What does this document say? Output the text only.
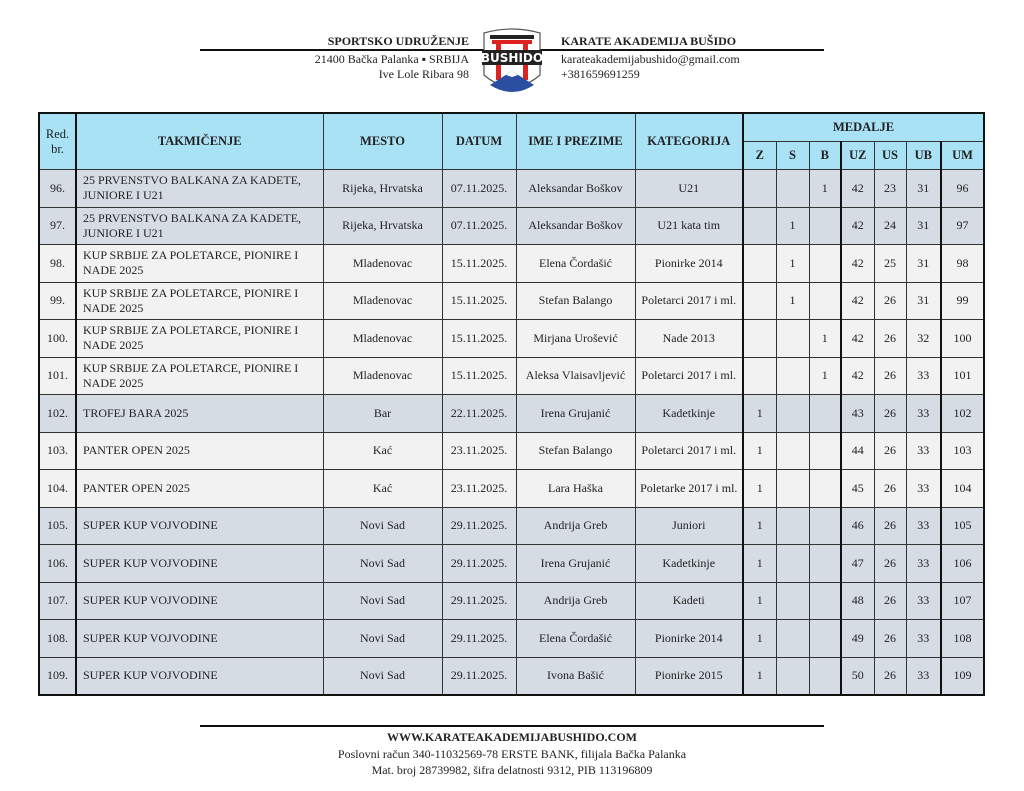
SPORTSKO UDRUŽENJE
21400 Bačka Palanka ▪ SRBIJA
Ive Lole Ribara 98
KARATE AKADEMIJA BUŠIDO
karateakademijabushido@gmail.com
+381659691259
BUSHIDO
Red. br.	TAKMIČENJE	MESTO	DATUM	IME I PREZIME	KATEGORIJA	MEDALJE						
						Z	S	B	UZ	US	UB	UM
96.	25 PRVENSTVO BALKANA ZA KADETE, JUNIORE I U21	Rijeka, Hrvatska	07.11.2025.	Aleksandar Boškov	U21			1	42	23	31	96
97.	25 PRVENSTVO BALKANA ZA KADETE, JUNIORE I U21	Rijeka, Hrvatska	07.11.2025.	Aleksandar Boškov	U21 kata tim		1		42	24	31	97
98.	KUP SRBIJE ZA POLETARCE, PIONIRE I NADE 2025	Mladenovac	15.11.2025.	Elena Čordašić	Pionirke 2014		1		42	25	31	98
99.	KUP SRBIJE ZA POLETARCE, PIONIRE I NADE 2025	Mladenovac	15.11.2025.	Stefan Balango	Poletarci 2017 i ml.		1		42	26	31	99
100.	KUP SRBIJE ZA POLETARCE, PIONIRE I NADE 2025	Mladenovac	15.11.2025.	Mirjana Urošević	Nade 2013			1	42	26	32	100
101.	KUP SRBIJE ZA POLETARCE, PIONIRE I NADE 2025	Mladenovac	15.11.2025.	Aleksa Vlaisavljević	Poletarci 2017 i ml.			1	42	26	33	101
102.	TROFEJ BARA 2025	Bar	22.11.2025.	Irena Grujanić	Kadetkinje	1			43	26	33	102
103.	PANTER OPEN 2025	Kać	23.11.2025.	Stefan Balango	Poletarci 2017 i ml.	1			44	26	33	103
104.	PANTER OPEN 2025	Kać	23.11.2025.	Lara Haška	Poletarke 2017 i ml.	1			45	26	33	104
105.	SUPER KUP VOJVODINE	Novi Sad	29.11.2025.	Andrija Greb	Juniori	1			46	26	33	105
106.	SUPER KUP VOJVODINE	Novi Sad	29.11.2025.	Irena Grujanić	Kadetkinje	1			47	26	33	106
107.	SUPER KUP VOJVODINE	Novi Sad	29.11.2025.	Andrija Greb	Kadeti	1			48	26	33	107
108.	SUPER KUP VOJVODINE	Novi Sad	29.11.2025.	Elena Čordašić	Pionirke 2014	1			49	26	33	108
109.	SUPER KUP VOJVODINE	Novi Sad	29.11.2025.	Ivona Bašić	Pionirke 2015	1			50	26	33	109
WWW.KARATEAKADEMIJABUSHIDO.COM
Poslovni račun 340-11032569-78 ERSTE BANK, filijala Bačka Palanka
Mat. broj 28739982, šifra delatnosti 9312, PIB 113196809
